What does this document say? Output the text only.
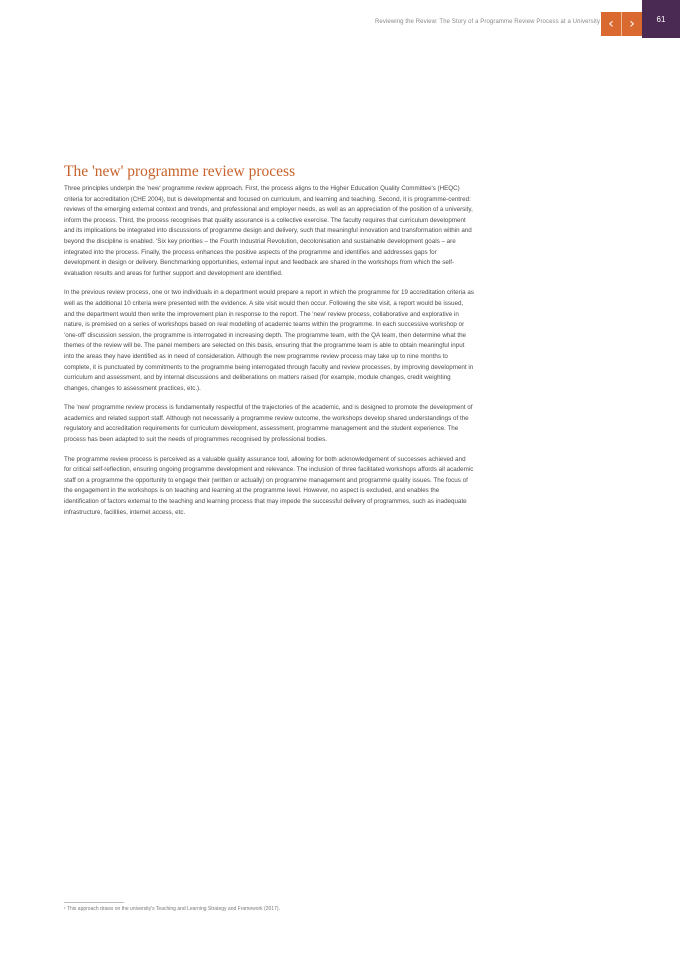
Reviewing the Review: The Story of a Programme Review Process at a University ‹ ›	61
The 'new' programme review process

Three principles underpin the 'new' programme review approach. First, the process aligns to the Higher Education Quality Committee's (HEQC) criteria for accreditation (CHE 2004), but is developmental and focused on curriculum, and learning and teaching. Second, it is programme-centred: reviews of the emerging external context and trends, and professional and employer needs, as well as an appreciation of the position of a university, inform the process. Third, the process recognises that quality assurance is a collective exercise. The faculty requires that curriculum development and its implications be integrated into discussions of programme design and delivery, such that meaningful innovation and transformation within and beyond the discipline is enabled. 'Six key priorities – the Fourth Industrial Revolution, decolonisation and sustainable development goals – are integrated into the process. Finally, the process enhances the positive aspects of the programme and identifies and addresses gaps for development in design or delivery. Benchmarking opportunities, external input and feedback are shared in the workshops from which the self-evaluation results and areas for further support and development are identified.

In the previous review process, one or two individuals in a department would prepare a report in which the programme for 19 accreditation criteria as well as the additional 10 criteria were presented with the evidence. A site visit would then occur. Following the site visit, a report would be issued, and the department would then write the improvement plan in response to the report. The 'new' review process, collaborative and explorative in nature, is premised on a series of workshops based on real modelling of academic teams within the programme. In each successive workshop or 'one-off' discussion session, the programme is interrogated in increasing depth. The programme team, with the QA team, then determine what the themes of the review will be. The panel members are selected on this basis, ensuring that the programme team is able to obtain meaningful input into the areas they have identified as in need of consideration. Although the new programme review process may take up to nine months to complete, it is punctuated by commitments to the programme being interrogated through faculty and review processes, by improving development in curriculum and assessment, and by internal discussions and deliberations on matters raised (for example, module changes, credit weighting changes, changes to assessment practices, etc.).

The 'new' programme review process is fundamentally respectful of the trajectories of the academic, and is designed to promote the development of academics and related support staff. Although not necessarily a programme review outcome, the workshops develop shared understandings of the regulatory and accreditation requirements for curriculum development, assessment, programme management and the student experience. The process has been adapted to suit the needs of programmes recognised by professional bodies.

The programme review process is perceived as a valuable quality assurance tool, allowing for both acknowledgement of successes achieved and for critical self-reflection, ensuring ongoing programme development and relevance. The inclusion of three facilitated workshops affords all academic staff on a programme the opportunity to engage their (written or actually) on programme management and programme quality issues. The focus of the engagement in the workshops is on teaching and learning at the programme level. However, no aspect is excluded, and enables the identification of factors external to the teaching and learning process that may impede the successful delivery of programmes, such as inadequate infrastructure, facilities, internet access, etc.

¹ This approach draws on the university's Teaching and Learning Strategy and Framework (2017).
